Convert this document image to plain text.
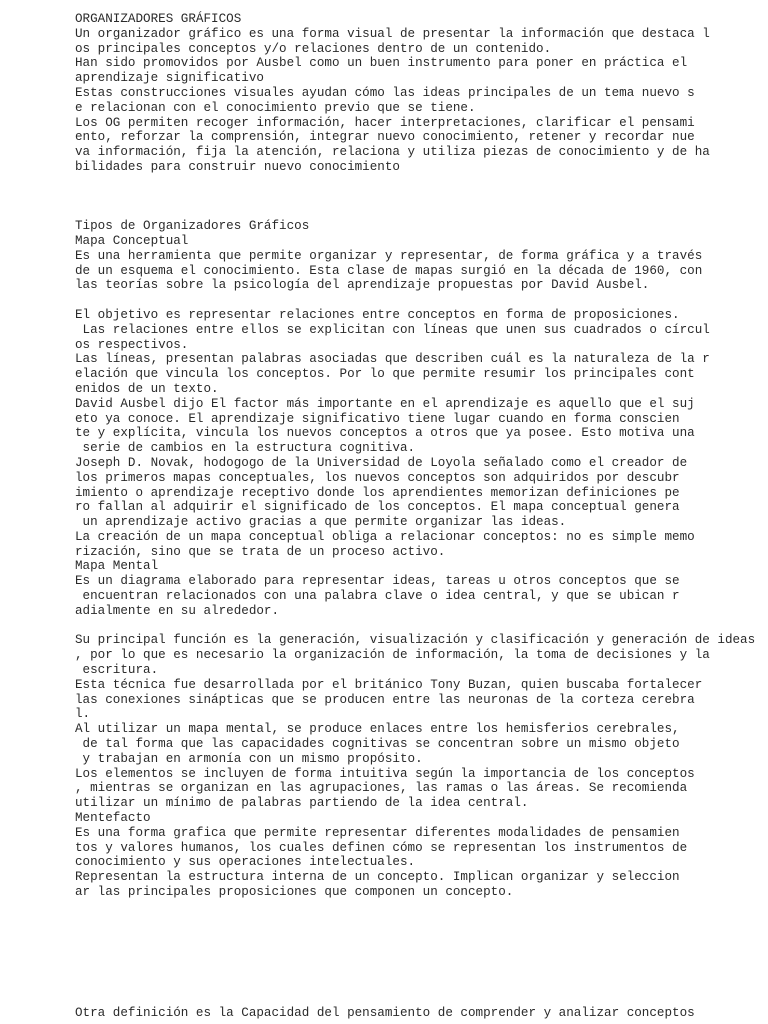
ORGANIZADORES GRÁFICOS
Un organizador gráfico es una forma visual de presentar la información que destaca l
os principales conceptos y/o relaciones dentro de un contenido.
Han sido promovidos por Ausbel como un buen instrumento para poner en práctica el
aprendizaje significativo
Estas construcciones visuales ayudan cómo las ideas principales de un tema nuevo s
e relacionan con el conocimiento previo que se tiene.
Los OG permiten recoger información, hacer interpretaciones, clarificar el pensami
ento, reforzar la comprensión, integrar nuevo conocimiento, retener y recordar nue
va información, fija la atención, relaciona y utiliza piezas de conocimiento y de ha
bilidades para construir nuevo conocimiento
Tipos de Organizadores Gráficos
Mapa Conceptual
Es una herramienta que permite organizar y representar, de forma gráfica y a través
de un esquema el conocimiento. Esta clase de mapas surgió en la década de 1960, con
las teorías sobre la psicología del aprendizaje propuestas por David Ausbel.
El objetivo es representar relaciones entre conceptos en forma de proposiciones.
Las relaciones entre ellos se explicitan con líneas que unen sus cuadrados o círcul
os respectivos.
Las líneas, presentan palabras asociadas que describen cuál es la naturaleza de la r
elación que vincula los conceptos. Por lo que permite resumir los principales cont
enidos de un texto.
David Ausbel dijo El factor más importante en el aprendizaje es aquello que el suj
eto ya conoce. El aprendizaje significativo tiene lugar cuando en forma conscien
te y explícita, vincula los nuevos conceptos a otros que ya posee. Esto motiva una
serie de cambios en la estructura cognitiva.
Joseph D. Novak, hodogogo de la Universidad de Loyola señalado como el creador de
los primeros mapas conceptuales, los nuevos conceptos son adquiridos por descubr
imiento o aprendizaje receptivo donde los aprendientes memorizan definiciones pe
ro fallan al adquirir el significado de los conceptos. El mapa conceptual genera
un aprendizaje activo gracias a que permite organizar las ideas.
La creación de un mapa conceptual obliga a relacionar conceptos: no es simple memo
rización, sino que se trata de un proceso activo.
Mapa Mental
Es un diagrama elaborado para representar ideas, tareas u otros conceptos que se
encuentran relacionados con una palabra clave o idea central, y que se ubican r
adialmente en su alrededor.
Su principal función es la generación, visualización y clasificación y generación de ideas
, por lo que es necesario la organización de información, la toma de decisiones y la
escritura.
Esta técnica fue desarrollada por el británico Tony Buzan, quien buscaba fortalecer
las conexiones sinápticas que se producen entre las neuronas de la corteza cerebra
l.
Al utilizar un mapa mental, se produce enlaces entre los hemisferios cerebrales,
de tal forma que las capacidades cognitivas se concentran sobre un mismo objeto
y trabajan en armonía con un mismo propósito.
Los elementos se incluyen de forma intuitiva según la importancia de los conceptos
, mientras se organizan en las agrupaciones, las ramas o las áreas. Se recomienda
utilizar un mínimo de palabras partiendo de la idea central.
Mentefacto
Es una forma grafica que permite representar diferentes modalidades de pensamien
tos y valores humanos, los cuales definen cómo se representan los instrumentos de
conocimiento y sus operaciones intelectuales.
Representan la estructura interna de un concepto. Implican organizar y seleccion
ar las principales proposiciones que componen un concepto.
Otra definición es la Capacidad del pensamiento de comprender y analizar conceptos
